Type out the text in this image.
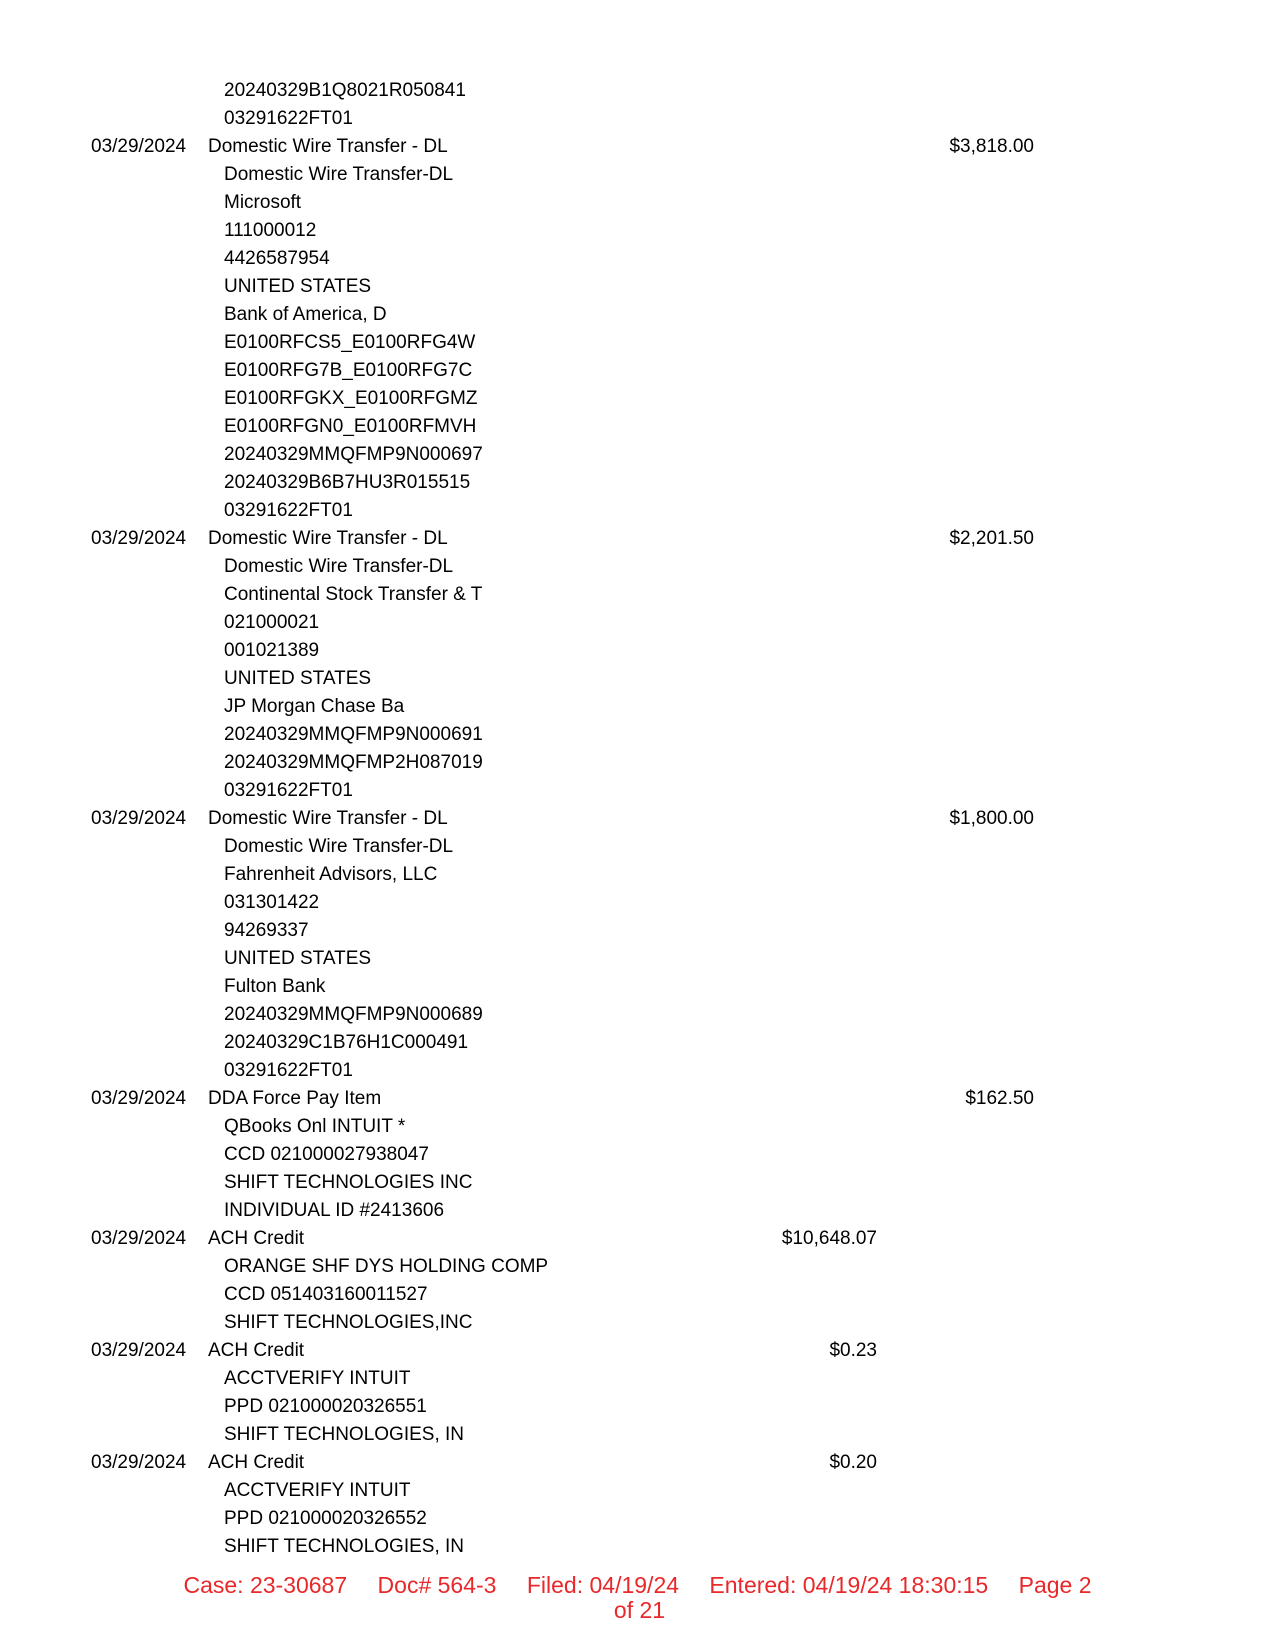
20240329B1Q8021R050841
03291622FT01
03/29/2024 Domestic Wire Transfer - DL	$3,818.00
Domestic Wire Transfer-DL
Microsoft
111000012
4426587954
UNITED STATES
Bank of America, D
E0100RFCS5_E0100RFG4W
E0100RFG7B_E0100RFG7C
E0100RFGKX_E0100RFGMZ
E0100RFGN0_E0100RFMVH
20240329MMQFMP9N000697
20240329B6B7HU3R015515
03291622FT01
03/29/2024 Domestic Wire Transfer - DL	$2,201.50
Domestic Wire Transfer-DL
Continental Stock Transfer & T
021000021
001021389
UNITED STATES
JP Morgan Chase Ba
20240329MMQFMP9N000691
20240329MMQFMP2H087019
03291622FT01
03/29/2024 Domestic Wire Transfer - DL	$1,800.00
Domestic Wire Transfer-DL
Fahrenheit Advisors, LLC
031301422
94269337
UNITED STATES
Fulton Bank
20240329MMQFMP9N000689
20240329C1B76H1C000491
03291622FT01
03/29/2024 DDA Force Pay Item	$162.50
QBooks Onl INTUIT *
CCD 021000027938047
SHIFT TECHNOLOGIES INC
INDIVIDUAL ID #2413606
03/29/2024 ACH Credit	$10,648.07
ORANGE SHF DYS HOLDING COMP
CCD 051403160011527
SHIFT TECHNOLOGIES,INC
03/29/2024 ACH Credit	$0.23
ACCTVERIFY INTUIT
PPD 021000020326551
SHIFT TECHNOLOGIES, IN
03/29/2024 ACH Credit	$0.20
ACCTVERIFY INTUIT
PPD 021000020326552
SHIFT TECHNOLOGIES, IN
Case: 23-30687 Doc# 564-3 Filed: 04/19/24 Entered: 04/19/24 18:30:15 Page 2
of 21
